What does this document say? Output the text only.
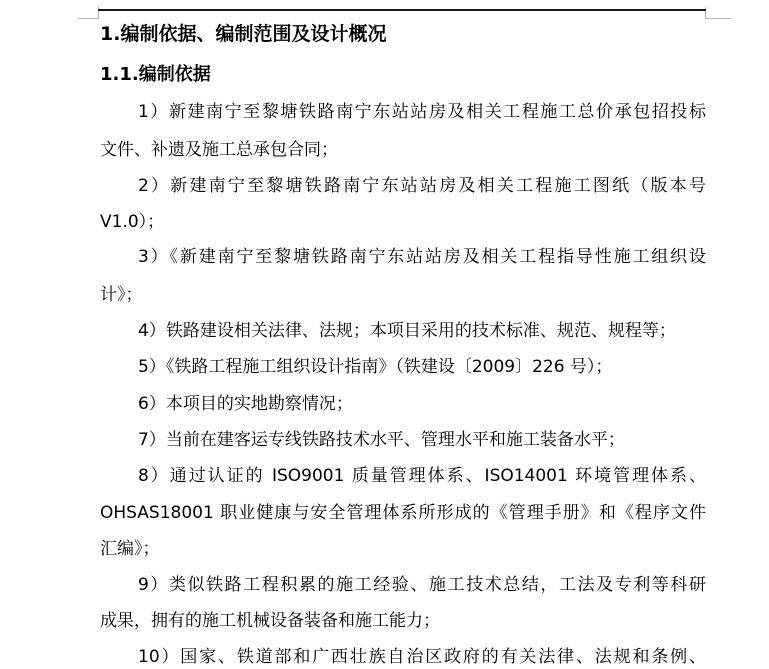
1.编制依据、编制范围及设计概况
1.1.编制依据
1）新建南宁至黎塘铁路南宁东站站房及相关工程施工总价承包招投标
文件、补遗及施工总承包合同；
2）新建南宁至黎塘铁路南宁东站站房及相关工程施工图纸（版本号
V1.0）；
3）《新建南宁至黎塘铁路南宁东站站房及相关工程指导性施工组织设
计》；
4）铁路建设相关法律、法规；本项目采用的技术标准、规范、规程等；
5）《铁路工程施工组织设计指南》（铁建设〔2009〕226 号）；
6）本项目的实地勘察情况；
7）当前在建客运专线铁路技术水平、管理水平和施工装备水平；
8）通过认证的 ISO9001 质量管理体系、ISO14001 环境管理体系、
OHSAS18001 职业健康与安全管理体系所形成的《管理手册》和《程序文件
汇编》；
9）类似铁路工程积累的施工经验、施工技术总结，工法及专利等科研
成果，拥有的施工机械设备装备和施工能力；
10）国家、铁道部和广西壮族自治区政府的有关法律、法规和条例、
